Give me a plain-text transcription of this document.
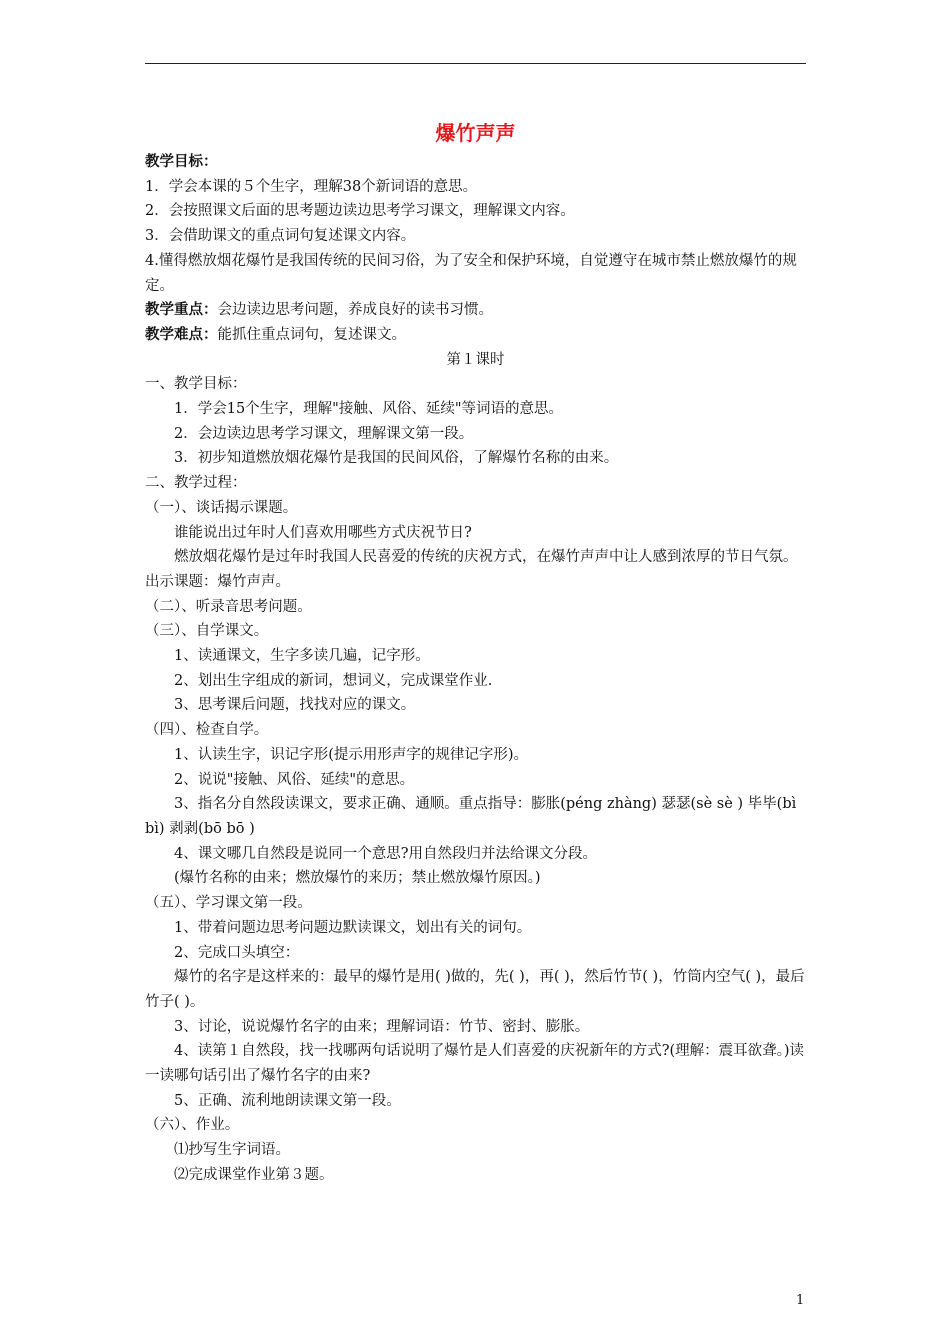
爆竹声声

教学目标：

1．学会本课的５个生字，理解38个新词语的意思。

2．会按照课文后面的思考题边读边思考学习课文，理解课文内容。

3．会借助课文的重点词句复述课文内容。

4.懂得燃放烟花爆竹是我国传统的民间习俗，为了安全和保护环境，自觉遵守在城市禁止燃放爆竹的规定。

教学重点：会边读边思考问题，养成良好的读书习惯。

教学难点：能抓住重点词句，复述课文。

第１课时

一、教学目标：

1．学会15个生字，理解"接触、风俗、延续"等词语的意思。

2．会边读边思考学习课文，理解课文第一段。

3．初步知道燃放烟花爆竹是我国的民间风俗，了解爆竹名称的由来。

二、教学过程：

（一）、谈话揭示课题。

谁能说出过年时人们喜欢用哪些方式庆祝节日?

燃放烟花爆竹是过年时我国人民喜爱的传统的庆祝方式，在爆竹声声中让人感到浓厚的节日气氛。

出示课题：爆竹声声。

（二）、听录音思考问题。

（三）、自学课文。

1、读通课文，生字多读几遍，记字形。

2、划出生字组成的新词，想词义，完成课堂作业.

3、思考课后问题，找找对应的课文。

（四）、检查自学。

1、认读生字，识记字形(提示用形声字的规律记字形)。

2、说说"接触、风俗、延续"的意思。

3、指名分自然段读课文，要求正确、通顺。重点指导：膨胀(péng zhàng) 瑟瑟(sè sè ) 毕毕(bì bì) 剥剥(bō bō )

4、课文哪几自然段是说同一个意思?用自然段归并法给课文分段。

(爆竹名称的由来；燃放爆竹的来历；禁止燃放爆竹原因。)

（五）、学习课文第一段。

1、带着问题边思考问题边默读课文，划出有关的词句。

2、完成口头填空：

爆竹的名字是这样来的：最早的爆竹是用( )做的，先( )，再( )，然后竹节( )，竹筒内空气( )，最后竹子( )。

3、讨论，说说爆竹名字的由来；理解词语：竹节、密封、膨胀。

4、读第１自然段，找一找哪两句话说明了爆竹是人们喜爱的庆祝新年的方式?(理解：震耳欲聋。)读一读哪句话引出了爆竹名字的由来?

5、正确、流利地朗读课文第一段。

（六）、作业。

⑴抄写生字词语。

⑵完成课堂作业第３题。

1
